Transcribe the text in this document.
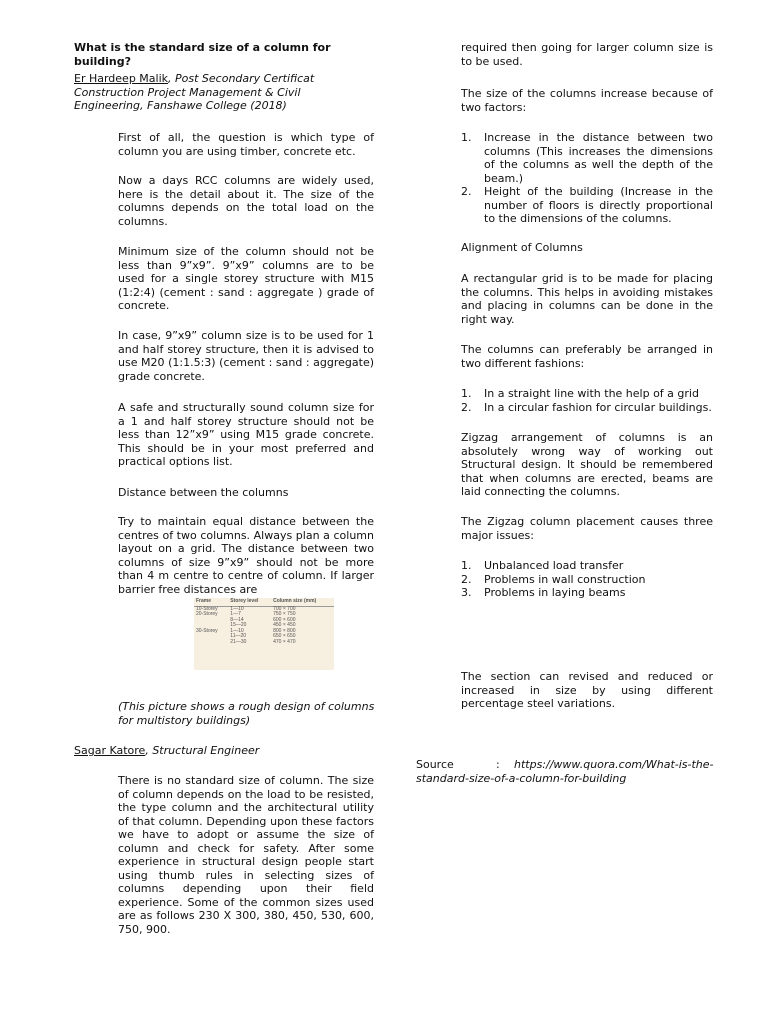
What is the standard size of a column for building?

Er Hardeep Malik, Post Secondary Certificat Construction Project Management & Civil Engineering, Fanshawe College (2018)

First of all, the question is which type of column you are using timber, concrete etc.

Now a days RCC columns are widely used, here is the detail about it. The size of the columns depends on the total load on the columns.

Minimum size of the column should not be less than 9”x9”. 9”x9” columns are to be used for a single storey structure with M15 (1:2:4) (cement : sand : aggregate ) grade of concrete.

In case, 9”x9” column size is to be used for 1 and half storey structure, then it is advised to use M20 (1:1.5:3) (cement : sand : aggregate) grade concrete.

A safe and structurally sound column size for a 1 and half storey structure should not be less than 12”x9” using M15 grade concrete. This should be in your most preferred and practical options list.

Distance between the columns

Try to maintain equal distance between the centres of two columns. Always plan a column layout on a grid. The distance between two columns of size 9”x9” should not be more than 4 m centre to centre of column. If larger barrier free distances are

Frame	Storey level	Column size (mm)
10-Storey	1—10	700 × 700
20-Storey	1—7	750 × 750
	8—14	600 × 600
	15—20	450 × 450
30-Storey	1—10	800 × 800
	11—20	650 × 650
	21—30	470 × 470

(This picture shows a rough design of columns for multistory buildings)

Sagar Katore, Structural Engineer

There is no standard size of column. The size of column depends on the load to be resisted, the type column and the architectural utility of that column. Depending upon these factors we have to adopt or assume the size of column and check for safety. After some experience in structural design people start using thumb rules in selecting sizes of columns depending upon their field experience. Some of the common sizes used are as follows 230 X 300, 380, 450, 530, 600, 750, 900.

required then going for larger column size is to be used.

The size of the columns increase because of two factors:

1. Increase in the distance between two columns (This increases the dimensions of the columns as well the depth of the beam.)
2. Height of the building (Increase in the number of floors is directly proportional to the dimensions of the columns.

Alignment of Columns

A rectangular grid is to be made for placing the columns. This helps in avoiding mistakes and placing in columns can be done in the right way.

The columns can preferably be arranged in two different fashions:

1. In a straight line with the help of a grid
2. In a circular fashion for circular buildings.

Zigzag arrangement of columns is an absolutely wrong way of working out Structural design. It should be remembered that when columns are erected, beams are laid connecting the columns.

The Zigzag column placement causes three major issues:

1. Unbalanced load transfer
2. Problems in wall construction
3. Problems in laying beams

The section can revised and reduced or increased in size by using different percentage steel variations.

Source	:	https://www.quora.com/What-is-the-standard-size-of-a-column-for-building
